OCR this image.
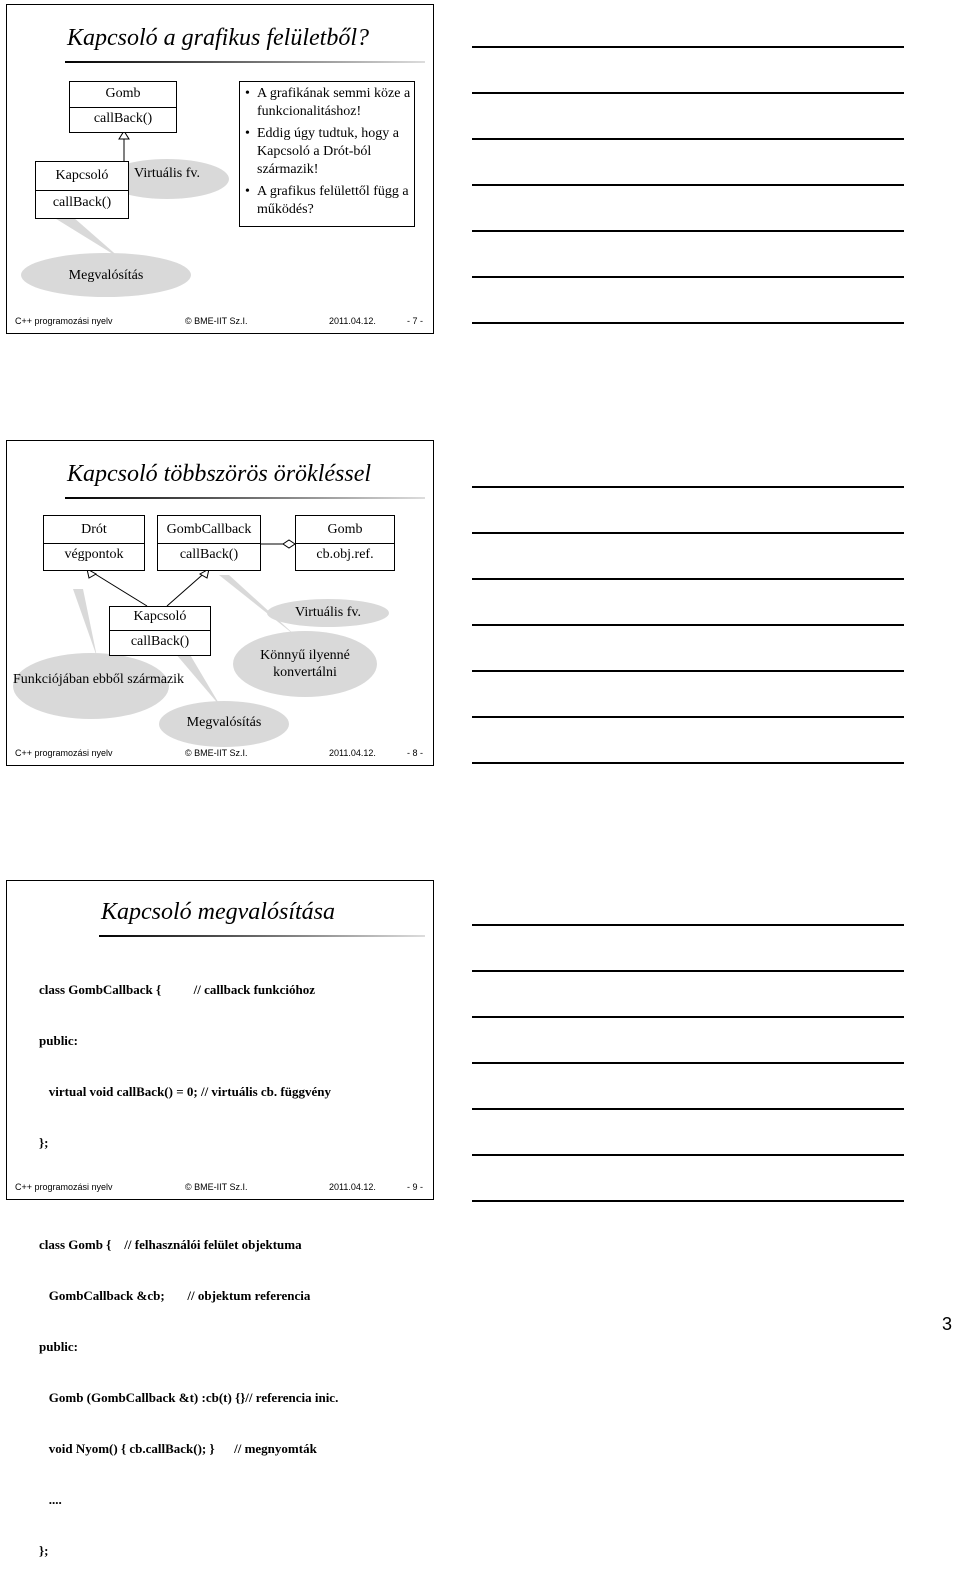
Kapcsoló a grafikus felületből?
Virtuális fv.
Megvalósítás
Gomb
callBack()
Kapcsoló
callBack()
• A grafikának semmi köze a funkcionalitáshoz!
• Eddig úgy tudtuk, hogy a Kapcsoló a Drót-ból származik!
• A grafikus felülettől függ a működés?
C++ programozási nyelv	© BME-IIT Sz.I.	2011.04.12.	- 7 -
Kapcsoló többszörös örökléssel
Funkciójában ebből származik
Könnyű ilyenné konvertálni
Megvalósítás
Virtuális fv.
Drót
végpontok
GombCallback
callBack()
Gomb
cb.obj.ref.
Kapcsoló
callBack()
C++ programozási nyelv	© BME-IIT Sz.I.	2011.04.12.	- 8 -
Kapcsoló megvalósítása

class GombCallback {          // callback funkcióhoz

public:

virtual void callBack() = 0; // virtuális cb. függvény

};

class Gomb {    // felhasználói felület objektuma

GombCallback &cb;       // objektum referencia

public:

Gomb (GombCallback &t) :cb(t) {}// referencia inic.

void Nyom() { cb.callBack(); }      // megnyomták

....

};

C++ programozási nyelv	© BME-IIT Sz.I.	2011.04.12.	- 9 -
3
